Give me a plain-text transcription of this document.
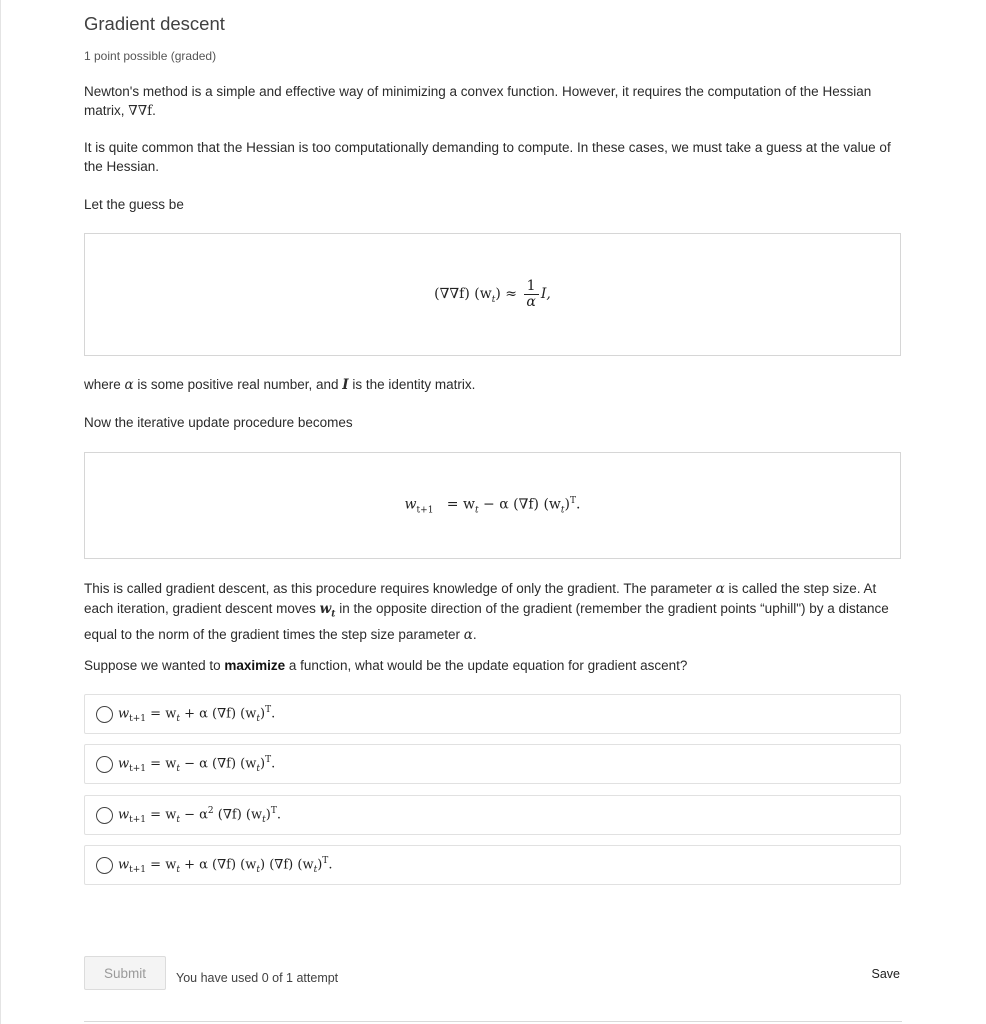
Gradient descent
1 point possible (graded)

Newton's method is a simple and effective way of minimizing a convex function. However, it requires the computation of the Hessian matrix, ∇∇f.

It is quite common that the Hessian is too computationally demanding to compute. In these cases, we must take a guess at the value of the Hessian.

Let the guess be

(∇∇f) $(w_t) \approx \frac{1}{\alpha} I$,

where α is some positive real number, and I is the identity matrix.

Now the iterative update procedure becomes

$w_{t+1} = w_t - \alpha$ (∇f) $(w_t)^T$.

This is called gradient descent, as this procedure requires knowledge of only the gradient. The parameter α is called the step size. At each iteration, gradient descent moves $w_t$ in the opposite direction of the gradient (remember the gradient points “uphill") by a distance equal to the norm of the gradient times the step size parameter α.

Suppose we wanted to maximize a function, what would be the update equation for gradient ascent?

$w_{t+1} = w_t + \alpha$ (∇f) $(w_t)^T$.
$w_{t+1} = w_t - \alpha$ (∇f) $(w_t)^T$.
$w_{t+1} = w_t - \alpha^2$ (∇f) $(w_t)^T$.
$w_{t+1} = w_t + \alpha$ (∇f) $(w_t)$ (∇f) $(w_t)^T$.
Submit	You have used 0 of 1 attempt	Save
